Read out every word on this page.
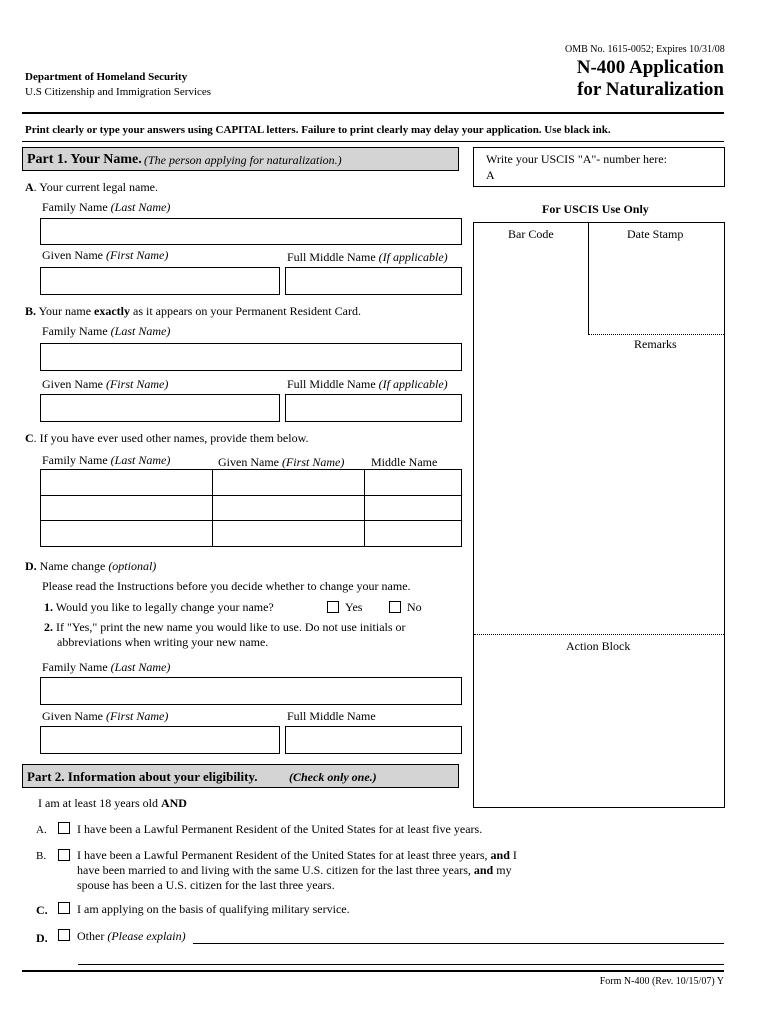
OMB No. 1615-0052; Expires 10/31/08
Department of Homeland Security
U.S Citizenship and Immigration Services
N-400 Application
for Naturalization
Print clearly or type your answers using CAPITAL letters. Failure to print clearly may delay your application. Use black ink.
Part 1. Your Name. (The person applying for naturalization.)
A. Your current legal name.
Family Name (Last Name)
Given Name (First Name)	Full Middle Name (If applicable)
B. Your name exactly as it appears on your Permanent Resident Card.
Family Name (Last Name)
Given Name (First Name)	Full Middle Name (If applicable)
C. If you have ever used other names, provide them below.
Family Name (Last Name)	Given Name (First Name) Middle Name
D. Name change (optional)
Please read the Instructions before you decide whether to change your name.
1. Would you like to legally change your name?	Yes	No
2. If "Yes," print the new name you would like to use. Do not use initials or
abbreviations when writing your new name.
Family Name (Last Name)
Given Name (First Name)	Full Middle Name
Write your USCIS "A"- number here:
A
For USCIS Use Only
Bar Code	Date Stamp
Remarks
Action Block
Part 2. Information about your eligibility.	(Check only one.)
I am at least 18 years old AND
A.	I have been a Lawful Permanent Resident of the United States for at least five years.
B.	I have been a Lawful Permanent Resident of the United States for at least three years, and I
have been married to and living with the same U.S. citizen for the last three years, and my
spouse has been a U.S. citizen for the last three years.
C. I am applying on the basis of qualifying military service.
D. Other (Please explain)
Form N-400 (Rev. 10/15/07) Y
